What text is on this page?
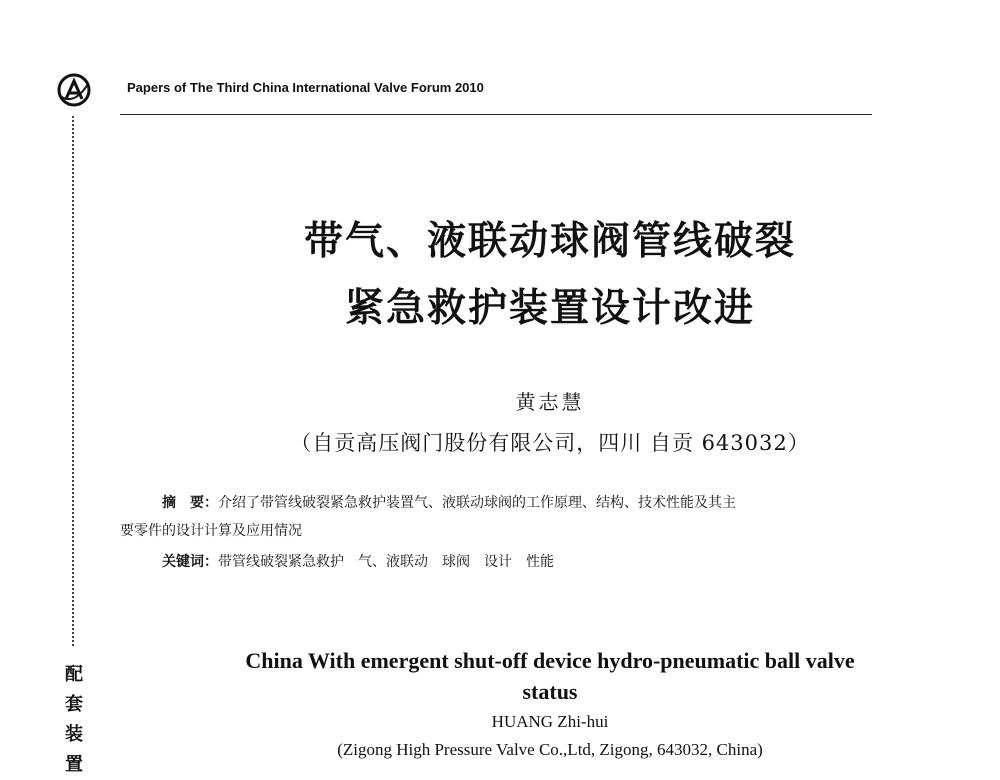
Papers of The Third China International Valve Forum 2010
配
套
装
置
带气、液联动球阀管线破裂
紧急救护装置设计改进
黄志慧
（自贡高压阀门股份有限公司，四川 自贡 643032）
摘　要：介绍了带管线破裂紧急救护装置气、液联动球阀的工作原理、结构、技术性能及其主
要零件的设计计算及应用情况
关键词：带管线破裂紧急救护 气、液联动 球阀 设计 性能
China With emergent shut-off device hydro-pneumatic ball valve
status
HUANG Zhi-hui
(Zigong High Pressure Valve Co.,Ltd, Zigong, 643032, China)
